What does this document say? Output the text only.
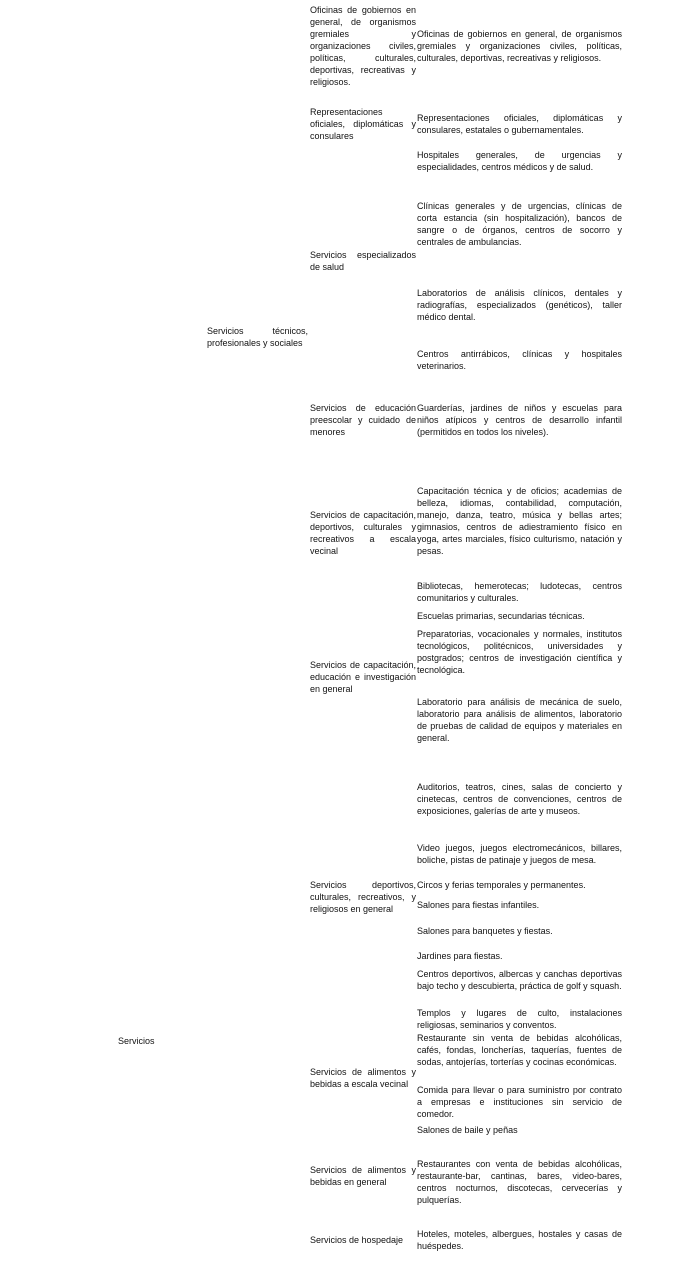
Servicios
Servicios técnicos, profesionales y sociales
Oficinas de gobiernos en general, de organismos gremiales y organizaciones civiles, políticas, culturales, deportivas, recreativas y religiosos.
Representaciones oficiales, diplomáticas y consulares
Servicios especializados de salud
Servicios de educación preescolar y cuidado de menores
Servicios de capacitación, deportivos, culturales y recreativos a escala vecinal
Servicios de capacitación, educación e investigación en general
Servicios deportivos, culturales, recreativos, y religiosos en general
Servicios de alimentos y bebidas a escala vecinal
Servicios de alimentos y bebidas en general
Servicios de hospedaje
Oficinas de gobiernos en general, de organismos gremiales y organizaciones civiles, políticas, culturales, deportivas, recreativas y religiosos.
Representaciones oficiales, diplomáticas y consulares, estatales o gubernamentales.
Hospitales generales, de urgencias y especialidades, centros médicos y de salud.
Clínicas generales y de urgencias, clínicas de corta estancia (sin hospitalización), bancos de sangre o de órganos, centros de socorro y centrales de ambulancias.
Laboratorios de análisis clínicos, dentales y radiografías, especializados (genéticos), taller médico dental.
Centros antirrábicos, clínicas y hospitales veterinarios.
Guarderías, jardines de niños y escuelas para niños atípicos y centros de desarrollo infantil (permitidos en todos los niveles).
Capacitación técnica y de oficios; academias de belleza, idiomas, contabilidad, computación, manejo, danza, teatro, música y bellas artes; gimnasios, centros de adiestramiento físico en yoga, artes marciales, físico culturismo, natación y pesas.
Bibliotecas, hemerotecas; ludotecas, centros comunitarios y culturales.
Escuelas primarias, secundarias técnicas.
Preparatorias, vocacionales y normales, institutos tecnológicos, politécnicos, universidades y postgrados; centros de investigación científica y tecnológica.
Laboratorio para análisis de mecánica de suelo, laboratorio para análisis de alimentos, laboratorio de pruebas de calidad de equipos y materiales en general.
Auditorios, teatros, cines, salas de concierto y cinetecas, centros de convenciones, centros de exposiciones, galerías de arte y museos.
Video juegos, juegos electromecánicos, billares, boliche, pistas de patinaje y juegos de mesa.
Circos y ferias temporales y permanentes.
Salones para fiestas infantiles.
Salones para banquetes y fiestas.
Jardines para fiestas.
Centros deportivos, albercas y canchas deportivas bajo techo y descubierta, práctica de golf y squash.
Templos y lugares de culto, instalaciones religiosas, seminarios y conventos.
Restaurante sin venta de bebidas alcohólicas, cafés, fondas, loncherías, taquerías, fuentes de sodas, antojerías, torterías y cocinas económicas.
Comida para llevar o para suministro por contrato a empresas e instituciones sin servicio de comedor.
Salones de baile y peñas
Restaurantes con venta de bebidas alcohólicas, restaurante-bar, cantinas, bares, video-bares, centros nocturnos, discotecas, cervecerías y pulquerías.
Hoteles, moteles, albergues, hostales y casas de huéspedes.
